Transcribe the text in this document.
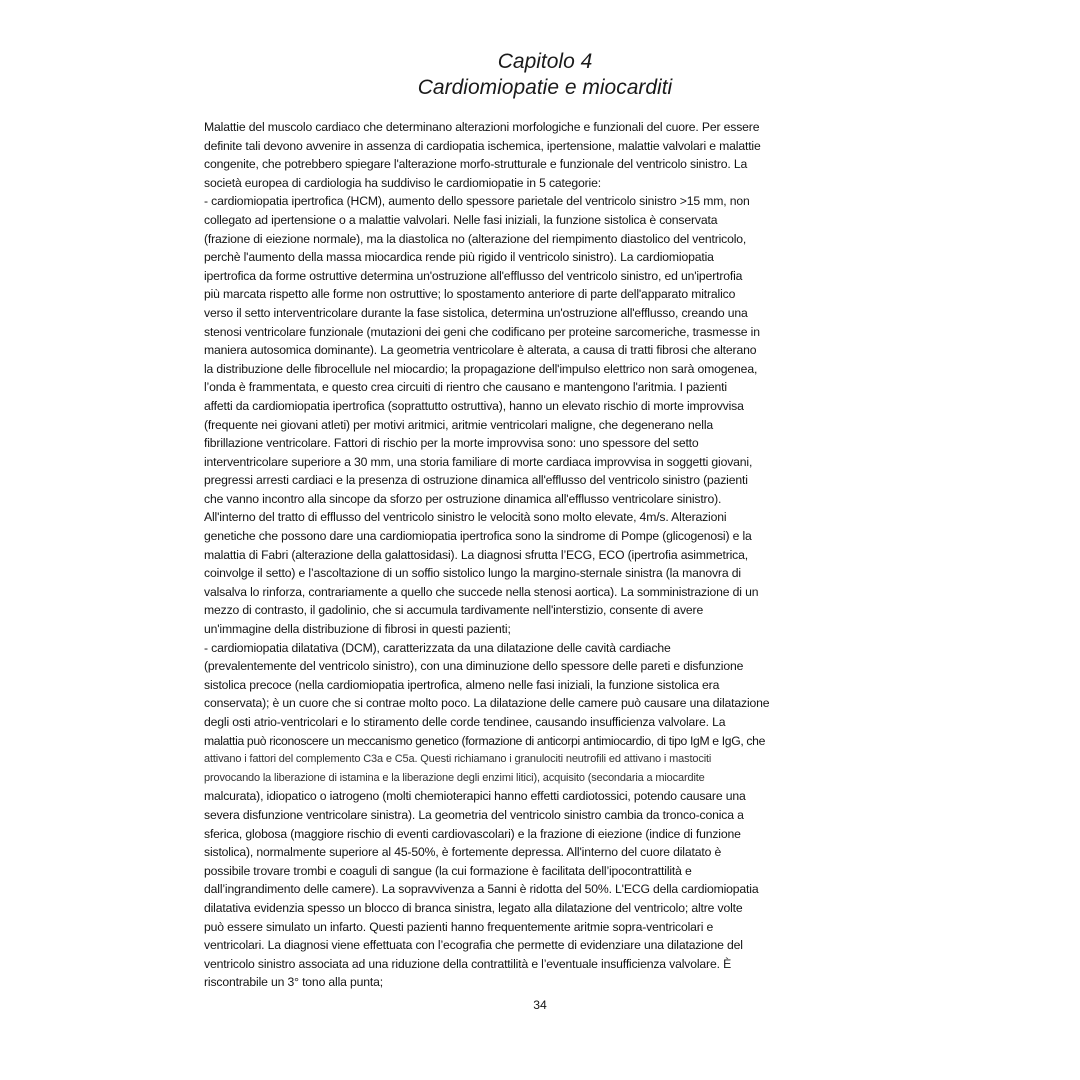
Capitolo 4
Cardiomiopatie e miocarditi
Malattie del muscolo cardiaco che determinano alterazioni morfologiche e funzionali del cuore. Per essere
definite tali devono avvenire in assenza di cardiopatia ischemica, ipertensione, malattie valvolari e malattie
congenite, che potrebbero spiegare l'alterazione morfo-strutturale e funzionale del ventricolo sinistro. La
società europea di cardiologia ha suddiviso le cardiomiopatie in 5 categorie:
- cardiomiopatia ipertrofica (HCM), aumento dello spessore parietale del ventricolo sinistro >15 mm, non
collegato ad ipertensione o a malattie valvolari. Nelle fasi iniziali, la funzione sistolica è conservata
(frazione di eiezione normale), ma la diastolica no (alterazione del riempimento diastolico del ventricolo,
perchè l'aumento della massa miocardica rende più rigido il ventricolo sinistro). La cardiomiopatia
ipertrofica da forme ostruttive determina un'ostruzione all'efflusso del ventricolo sinistro, ed un'ipertrofia
più marcata rispetto alle forme non ostruttive; lo spostamento anteriore di parte dell'apparato mitralico
verso il setto interventricolare durante la fase sistolica, determina un'ostruzione all'efflusso, creando una
stenosi ventricolare funzionale (mutazioni dei geni che codificano per proteine sarcomeriche, trasmesse in
maniera autosomica dominante). La geometria ventricolare è alterata, a causa di tratti fibrosi che alterano
la distribuzione delle fibrocellule nel miocardio; la propagazione dell'impulso elettrico non sarà omogenea,
l’onda è frammentata, e questo crea circuiti di rientro che causano e mantengono l'aritmia. I pazienti
affetti da cardiomiopatia ipertrofica (soprattutto ostruttiva), hanno un elevato rischio di morte improvvisa
(frequente nei giovani atleti) per motivi aritmici, aritmie ventricolari maligne, che degenerano nella
fibrillazione ventricolare. Fattori di rischio per la morte improvvisa sono: uno spessore del setto
interventricolare superiore a 30 mm, una storia familiare di morte cardiaca improvvisa in soggetti giovani,
pregressi arresti cardiaci e la presenza di ostruzione dinamica all'efflusso del ventricolo sinistro (pazienti
che vanno incontro alla sincope da sforzo per ostruzione dinamica all'efflusso ventricolare sinistro).
All'interno del tratto di efflusso del ventricolo sinistro le velocità sono molto elevate, 4m/s. Alterazioni
genetiche che possono dare una cardiomiopatia ipertrofica sono la sindrome di Pompe (glicogenosi) e la
malattia di Fabri (alterazione della galattosidasi). La diagnosi sfrutta l’ECG, ECO (ipertrofia asimmetrica,
coinvolge il setto) e l’ascoltazione di un soffio sistolico lungo la margino-sternale sinistra (la manovra di
valsalva lo rinforza, contrariamente a quello che succede nella stenosi aortica). La somministrazione di un
mezzo di contrasto, il gadolinio, che si accumula tardivamente nell'interstizio, consente di avere
un'immagine della distribuzione di fibrosi in questi pazienti;
- cardiomiopatia dilatativa (DCM), caratterizzata da una dilatazione delle cavità cardiache
(prevalentemente del ventricolo sinistro), con una diminuzione dello spessore delle pareti e disfunzione
sistolica precoce (nella cardiomiopatia ipertrofica, almeno nelle fasi iniziali, la funzione sistolica era
conservata); è un cuore che si contrae molto poco. La dilatazione delle camere può causare una dilatazione
degli osti atrio-ventricolari e lo stiramento delle corde tendinee, causando insufficienza valvolare. La
malattia può riconoscere un meccanismo genetico (formazione di anticorpi antimiocardio, di tipo IgM e IgG, che
attivano i fattori del complemento C3a e C5a. Questi richiamano i granulociti neutrofili ed attivano i mastociti
provocando la liberazione di istamina e la liberazione degli enzimi litici), acquisito (secondaria a miocardite
malcurata), idiopatico o iatrogeno (molti chemioterapici hanno effetti cardiotossici, potendo causare una
severa disfunzione ventricolare sinistra). La geometria del ventricolo sinistro cambia da tronco-conica a
sferica, globosa (maggiore rischio di eventi cardiovascolari) e la frazione di eiezione (indice di funzione
sistolica), normalmente superiore al 45-50%, è fortemente depressa. All'interno del cuore dilatato è
possibile trovare trombi e coaguli di sangue (la cui formazione è facilitata dell’ipocontrattilità e
dall’ingrandimento delle camere). La sopravvivenza a 5anni è ridotta del 50%. L'ECG della cardiomiopatia
dilatativa evidenzia spesso un blocco di branca sinistra, legato alla dilatazione del ventricolo; altre volte
può essere simulato un infarto. Questi pazienti hanno frequentemente aritmie sopra-ventricolari e
ventricolari. La diagnosi viene effettuata con l’ecografia che permette di evidenziare una dilatazione del
ventricolo sinistro associata ad una riduzione della contrattilità e l’eventuale insufficienza valvolare. È
riscontrabile un 3° tono alla punta;
34
